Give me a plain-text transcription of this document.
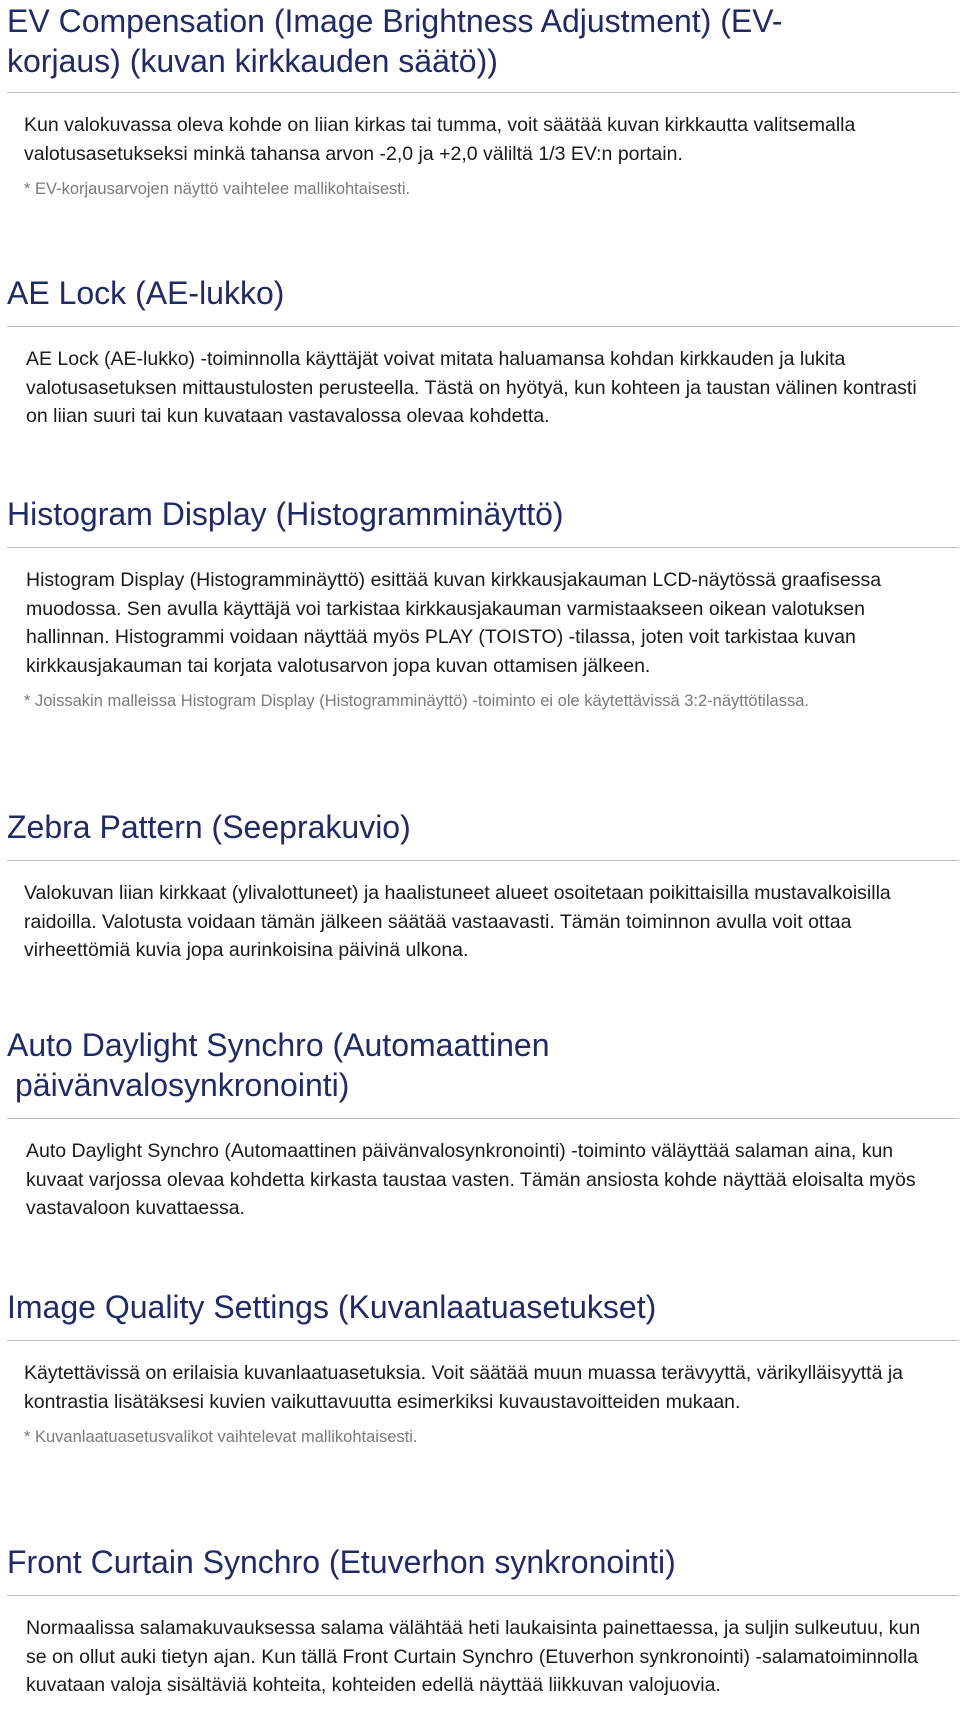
EV Compensation (Image Brightness Adjustment) (EV-
korjaus) (kuvan kirkkauden säätö))

Kun valokuvassa oleva kohde on liian kirkas tai tumma, voit säätää kuvan kirkkautta valitsemalla valotusasetukseksi minkä tahansa arvon -2,0 ja +2,0 väliltä 1/3 EV:n portain.

* EV-korjausarvojen näyttö vaihtelee mallikohtaisesti.

AE Lock (AE-lukko)

AE Lock (AE-lukko) -toiminnolla käyttäjät voivat mitata haluamansa kohdan kirkkauden ja lukita valotusasetuksen mittaustulosten perusteella. Tästä on hyötyä, kun kohteen ja taustan välinen kontrasti on liian suuri tai kun kuvataan vastavalossa olevaa kohdetta.

Histogram Display (Histogramminäyttö)

Histogram Display (Histogramminäyttö) esittää kuvan kirkkausjakauman LCD-näytössä graafisessa muodossa. Sen avulla käyttäjä voi tarkistaa kirkkausjakauman varmistaakseen oikean valotuksen hallinnan. Histogrammi voidaan näyttää myös PLAY (TOISTO) -tilassa, joten voit tarkistaa kuvan kirkkausjakauman tai korjata valotusarvon jopa kuvan ottamisen jälkeen.

* Joissakin malleissa Histogram Display (Histogramminäyttö) -toiminto ei ole käytettävissä 3:2-näyttötilassa.

Zebra Pattern (Seeprakuvio)

Valokuvan liian kirkkaat (ylivalottuneet) ja haalistuneet alueet osoitetaan poikittaisilla mustavalkoisilla raidoilla. Valotusta voidaan tämän jälkeen säätää vastaavasti. Tämän toiminnon avulla voit ottaa virheettömiä kuvia jopa aurinkoisina päivinä ulkona.

Auto Daylight Synchro (Automaattinen
päivänvalosynkronointi)

Auto Daylight Synchro (Automaattinen päivänvalosynkronointi) -toiminto väläyttää salaman aina, kun kuvaat varjossa olevaa kohdetta kirkasta taustaa vasten. Tämän ansiosta kohde näyttää eloisalta myös vastavaloon kuvattaessa.

Image Quality Settings (Kuvanlaatuasetukset)

Käytettävissä on erilaisia kuvanlaatuasetuksia. Voit säätää muun muassa terävyyttä, värikylläisyyttä ja kontrastia lisätäksesi kuvien vaikuttavuutta esimerkiksi kuvaustavoitteiden mukaan.

* Kuvanlaatuasetusvalikot vaihtelevat mallikohtaisesti.

Front Curtain Synchro (Etuverhon synkronointi)

Normaalissa salamakuvauksessa salama välähtää heti laukaisinta painettaessa, ja suljin sulkeutuu, kun se on ollut auki tietyn ajan. Kun tällä Front Curtain Synchro (Etuverhon synkronointi) -salamatoiminnolla kuvataan valoja sisältäviä kohteita, kohteiden edellä näyttää liikkuvan valojuovia.
